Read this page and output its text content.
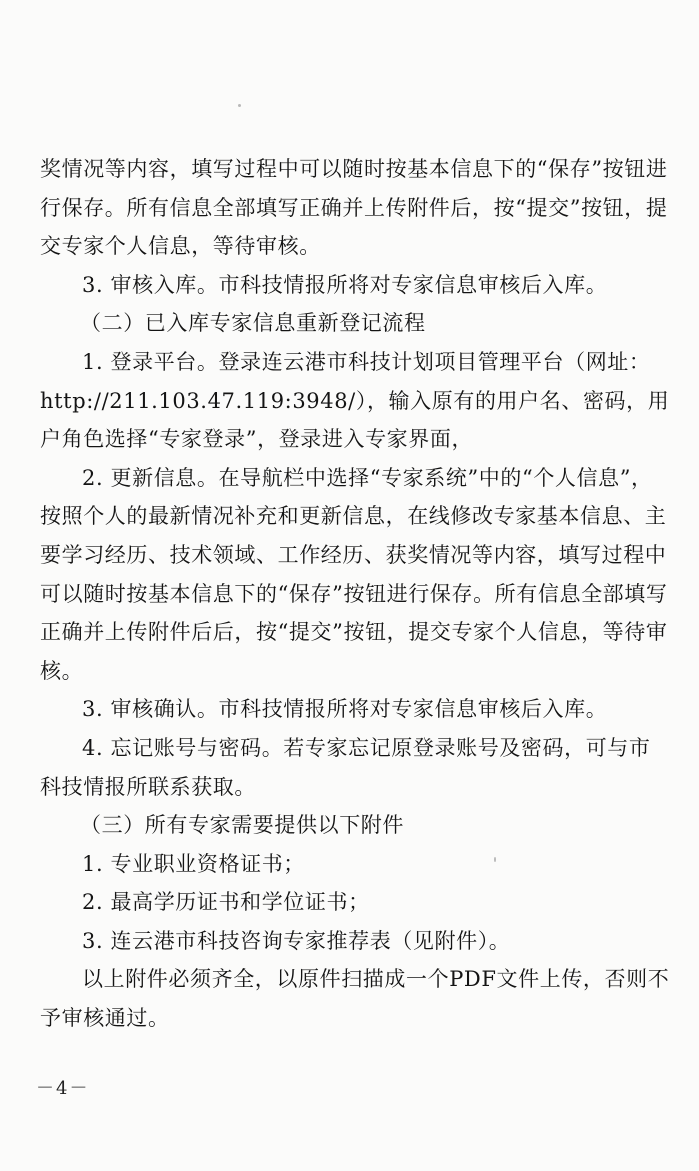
奖情况等内容，填写过程中可以随时按基本信息下的“保存”按钮进行保存。所有信息全部填写正确并上传附件后，按“提交”按钮，提交专家个人信息，等待审核。

3. 审核入库。市科技情报所将对专家信息审核后入库。

（二）已入库专家信息重新登记流程

1. 登录平台。登录连云港市科技计划项目管理平台（网址：http://211.103.47.119:3948/），输入原有的用户名、密码，用户角色选择“专家登录”，登录进入专家界面，

2. 更新信息。在导航栏中选择“专家系统”中的“个人信息”，按照个人的最新情况补充和更新信息，在线修改专家基本信息、主要学习经历、技术领域、工作经历、获奖情况等内容，填写过程中可以随时按基本信息下的“保存”按钮进行保存。所有信息全部填写正确并上传附件后后，按“提交”按钮，提交专家个人信息，等待审核。

3. 审核确认。市科技情报所将对专家信息审核后入库。

4. 忘记账号与密码。若专家忘记原登录账号及密码，可与市科技情报所联系获取。

（三）所有专家需要提供以下附件

1. 专业职业资格证书；

2. 最高学历证书和学位证书；

3. 连云港市科技咨询专家推荐表（见附件）。

以上附件必须齐全，以原件扫描成一个PDF文件上传，否则不予审核通过。

－4－
